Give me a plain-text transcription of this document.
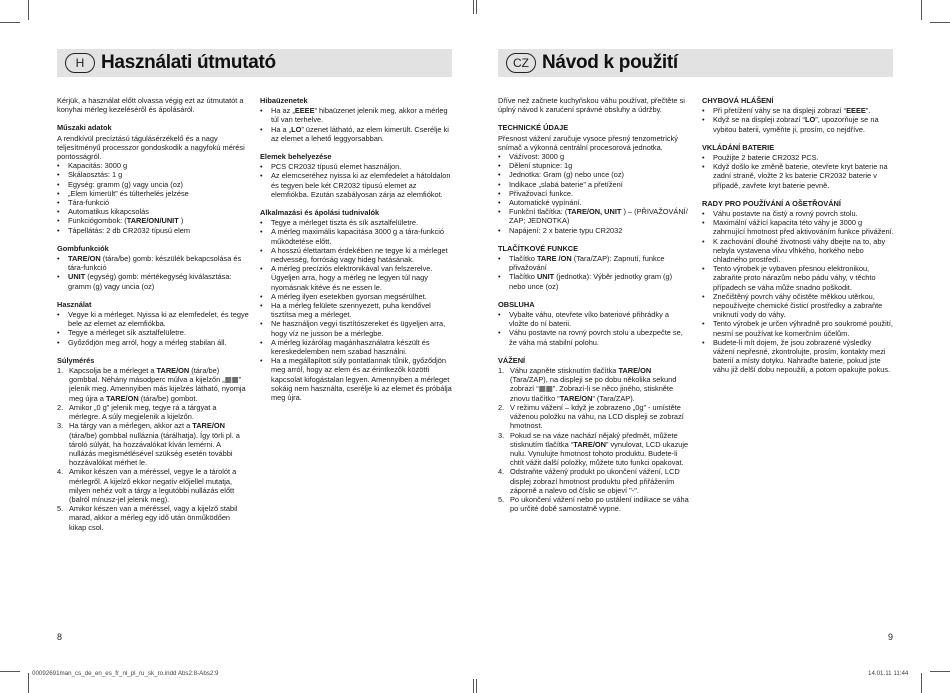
H Használati útmutató

Kérjük, a használat előtt olvassa végig ezt az útmutatót a konyhai mérleg kezeléséről és ápolásáról.

Műszaki adatok

A rendkívül precíztású tágulásérzékelő és a nagy teljesítményű processzor gondoskodik a nagyfokú mérési pontosságról.

• Kapacitás: 3000 g
• Skálaosztás: 1 g
• Egység: gramm (g) vagy uncia (oz)
• „Elem kimerült” és túlterhelés jelzése
• Tára-funkció
• Automatikus kikapcsolás
• Funkciógombok: (TARE/ON/UNIT )
• Tápellátás: 2 db CR2032 típusú elem
Gombfunkciók
• TARE/ON (tára/be) gomb: készülék bekapcsolása és tára-funkció
• UNIT (egység) gomb: mértékegység kiválasztása: gramm (g) vagy uncia (oz)
Használat
• Vegye ki a mérleget. Nyissa ki az elemfedelet, és tegye bele az elemet az elemfiókba.
• Tegye a mérleget sík asztalfelületre.
• Győződjön meg arról, hogy a mérleg stabilan áll.
Súlymérés
1. Kapcsolja be a mérleget a TARE/ON (tára/be) gombbal. Néhány másodperc múlva a kijelzőn „▦▦” jelenik meg. Amennyiben más kijelzés látható, nyomja meg újra a TARE/ON (tára/be) gombot.
2. Amikor „0 g” jelenik meg, tegye rá a tárgyat a mérlegre. A súly megjelenik a kijelzőn.
3. Ha tárgy van a mérlegen, akkor azt a TARE/ON (tára/be) gombbal nulláznia (tárálhatja). Így törli pl. a tároló súlyát, ha hozzávalókat kíván lemérni. A nullázás megismétlésével szükség esetén további hozzávalókat mérhet le.
4. Amikor készen van a méréssel, vegye le a tárolót a mérlegről. A kijelző ekkor negatív előjellel mutatja, milyen nehéz volt a tárgy a legutóbbi nullázás előtt (balról mínusz-jel jelenik meg).
5. Amikor készen van a méréssel, vagy a kijelző stabil marad, akkor a mérleg egy idő után önműködően kikap csol.
Hibaüzenetek
• Ha az „EEEE” hibaüzenet jelenik meg, akkor a mérleg túl van terhelve.
• Ha a „LO” üzenet látható, az elem kimerült. Cserélje ki az elemet a lehető leggyorsabban.
Elemek behelyezése
• PCS CR2032 típusú elemet használjon.
• Az elemcseréhez nyissa ki az elemfedelet a hátoldalon és tegyen bele két CR2032 típusú elemet az elemfiókba. Ezután szabályosan zárja az elemfiókot.
Alkalmazási és ápolási tudnivalók
• Tegye a mérleget tiszta és sík asztalfelületre.
• A mérleg maximális kapacitása 3000 g a tára-funkció működtetése előtt.
• A hosszú élettartam érdekében ne tegye ki a mérleget nedvesség, forróság vagy hideg hatásának.
• A mérleg precíziós elektronikával van felszerelve. Ügyeljen arra, hogy a mérleg ne legyen túl nagy nyomásnak kitéve és ne essen le.
• A mérleg ilyen esetekben gyorsan megsérülhet.
• Ha a mérleg felülete szennyezett, puha kendővel tisztítsa meg a mérleget.
• Ne használjon vegyi tisztítószereket és ügyeljen arra, hogy víz ne jusson be a mérlegbe.
• A mérleg kizárólag magánhasználatra készült és kereskedelemben nem szabad használni.
• Ha a megállapított súly pontatlannak tűnik, győződjön meg arról, hogy az elem és az érintkezők közötti kapcsolat kifogástalan legyen. Amennyiben a mérleget sokáig nem használta, cserélje ki az elemet és próbálja meg újra.
8
CZ Návod k použití

Dříve než začnete kuchyňskou váhu používat, přečtěte si úplný návod k zarućení správné obsluhy a údržby.

TECHNICKÉ ÚDAJE

Přesnost vážení zaručuje vysoce přesný tenzometrický snímač a výkonná centrální procesorová jednotka.

• Vážívost: 3000 g
• Dělení stupnice: 1g
• Jednotka: Gram (g) nebo unce (oz)
• Indikace „slabá baterie” a přetížení
• Přivažovací funkce.
• Automatické vypínání.
• Funkční tlačítka: (TARE/ON, UNIT ) – (PŘIVAŽOVÁNÍ/ ZAP; JEDNOTKA)
• Napájení: 2 x baterie typu CR2032
TLAČÍTKOVÉ FUNKCE
• Tlačítko TARE /ON (Tara/ZAP): Zapnutí, funkce přivažování
• Tlačítko UNIT (jednotka): Výběr jednotky gram (g) nebo unce (oz)
OBSLUHA
• Vybalte váhu, otevřete víko bateriové přihrádky a vložte do ní baterii.
• Váhu postavte na rovný povrch stolu a ubezpečte se, že váha má stabilní polohu.
VÁŽENÍ
1. Váhu zapněte stisknutím tlačítka TARE/ON (Tara/ZAP), na displeji se po dobu několika sekund zobrazí “▦▦”. Zobrazí-li se něco jiného, stiskněte znovu tlačítko “TARE/ON” (Tara/ZAP).
2. V režimu vážení – když je zobrazeno „0g” - umístěte váženou položku na váhu, na LCD displeji se zobrazí hmotnost.
3. Pokud se na váze nachází nějaký předmět, můžete stisknutím tlačítka “TARE/ON” vynulovat, LCD ukazuje nulu. Vynulujte hmotnost tohoto produktu. Budete-li chtít vážit další položky, můžete tuto funkci opakovat.
4. Odstraňte vážený produkt po ukončení vážení, LCD displej zobrazí hmotnost produktu před přiřážením záporně a nalevo od číslic se objeví "-".
5. Po ukončení vážení nebo po ustálení indikace se váha po určité době samostatně vypne.
CHYBOVÁ HLÁŠENÍ
• Při přetížení váhy se na displeji zobrazí “EEEE”.
• Když se na displeji zobrazí “LO”, upozorňuje se na vybitou baterii, vyměňte ji, prosím, co nejdříve.
VKLÁDÁNÍ BATERIE
• Použijte 2 baterie CR2032 PCS.
• Když došlo ke změně baterie, otevřete kryt baterie na zadní straně, vložte 2 ks baterie CR2032 baterie v případě, zavřete kryt baterie pevně.
RADY PRO POUŽÍVÁNÍ A OŠETŘOVÁNÍ
• Váhu postavte na čistý a rovný povrch stolu.
• Maximální vážící kapacita této váhy je 3000 g zahrnující hmotnost před aktivováním funkce přivážení.
• K zachování dlouhé životnosti váhy dbejte na to, aby nebyla vystavena vlivu vlhkého, horkého nebo chladného prostředí.
• Tento výrobek je vybaven přesnou elektronikou, zabraňte proto nárazům nebo pádu váhy, v těchto případech se váha může snadno poškodit.
• Znečištěný povrch váhy očistěte měkkou utěrkou, nepoužívejte chemické čisticí prostředky a zabraňte vniknutí vody do váhy.
• Tento výrobek je určen výhradně pro soukromé použití, nesmí se používat ke komerčním účelům.
• Budete-li mít dojem, že jsou zobrazené výsledky vážení nepřesné, zkontrolujte, prosím, kontakty mezi baterií a místy dotyku. Nahraďte baterie, pokud jste váhu již delší dobu nepoužili, a potom opakujte pokus.
9
00092691man_cs_de_en_es_fr_nl_pl_ru_sk_ro.indd Abs2:8-Abs2:9	14.01.11 11:44
